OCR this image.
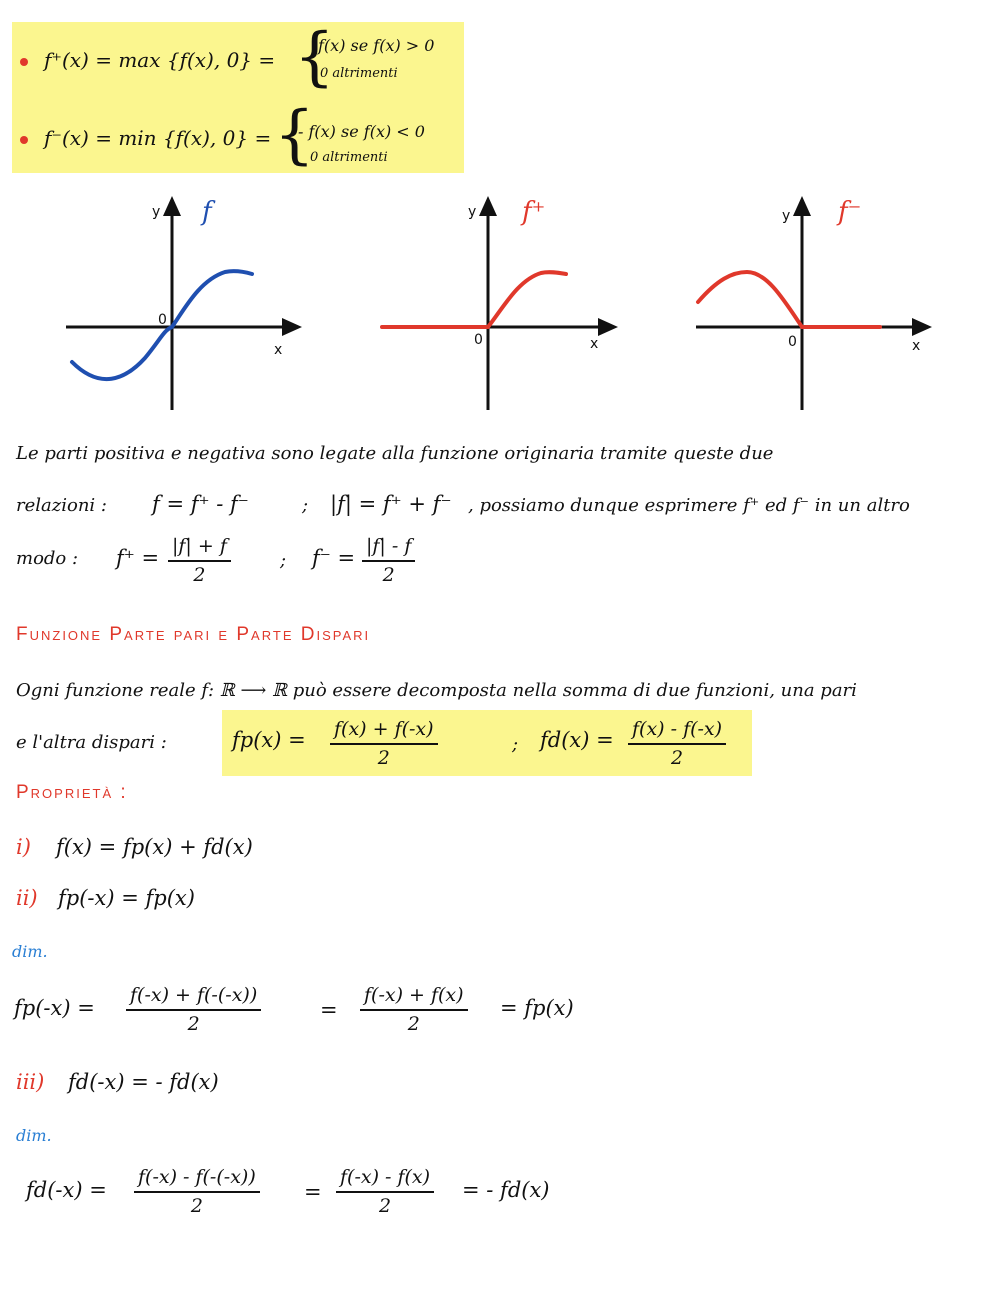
f⁺(x) = max {f(x), 0} = {
f(x) se f(x) > 0
0 altrimenti
f⁻(x) = min {f(x), 0} = {
- f(x) se f(x) < 0
0 altrimenti
y
x
0
f	y
x
0
f⁺	y
x
0
f⁻
Le parti positiva e negativa sono legate alla funzione originaria tramite queste due
relazioni : f = f⁺ - f⁻	; |f| = f⁺ + f⁻ , possiamo dunque esprimere f⁺ ed f⁻ in un altro
modo : $f^+ = \frac{|f| + f}{2}$	; $f^- = \frac{|f| - f}{2}$
Funzione Parte pari e Parte Dispari
Ogni funzione reale f: ℝ ⟶ ℝ può essere decomposta nella somma di due funzioni, una pari
e l'altra dispari :	$fp(x) = \frac{f(x) + f(-x)}{2}$	; $fd(x) = \frac{f(x) - f(-x)}{2}$
Proprietà :
i) f(x) = fp(x) + fd(x)
ii) fp(-x) = fp(x)
dim.
$fp(-x) = \frac{f(-x) + f(-(-x))}{2}$	= $\frac{f(-x) + f(x)}{2} = fp(x)$
iii) fd(-x) = - fd(x)
dim.
$fd(-x) = \frac{f(-x) - f(-(-x))}{2} = \frac{f(-x) - f(x)}{2}$ = - fd(x)
